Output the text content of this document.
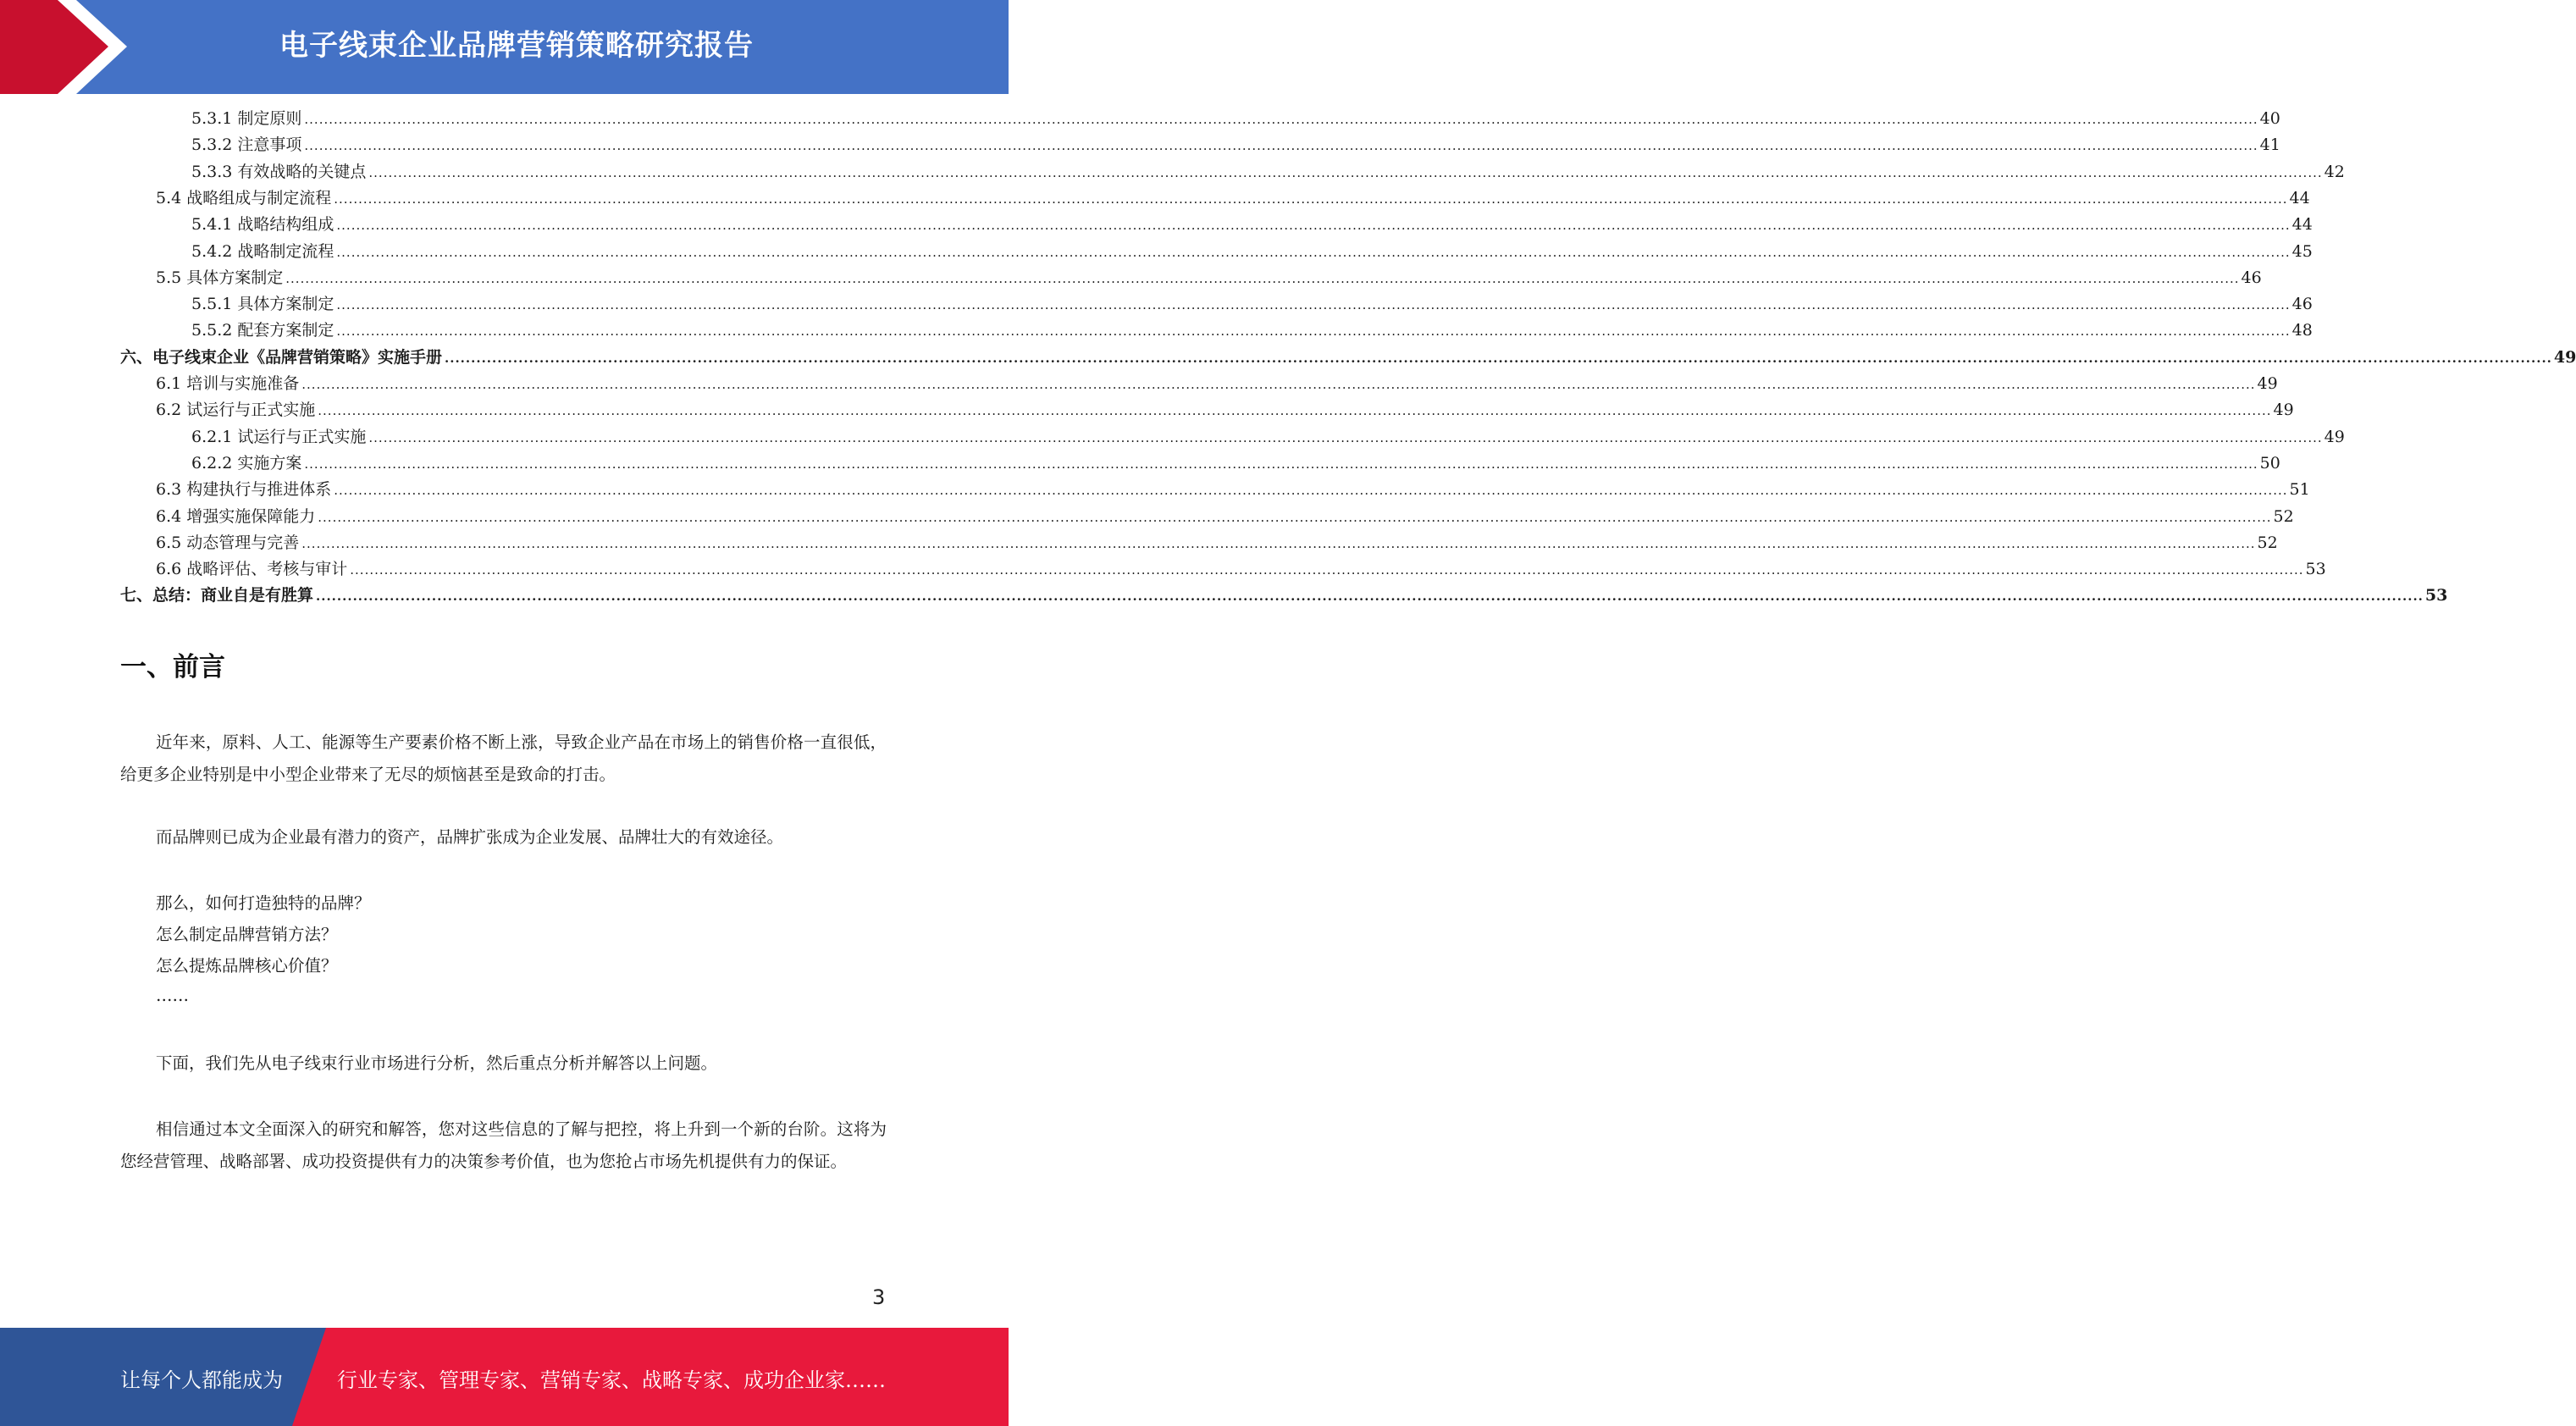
电子线束企业品牌营销策略研究报告
5.3.1 制定原则 ................................................................................................................................................................................................................................................................................................................................................................................................................ 40
5.3.2 注意事项 ................................................................................................................................................................................................................................................................................................................................................................................................................ 41
5.3.3 有效战略的关键点 ................................................................................................................................................................................................................................................................................................................................................................................................................ 42
5.4 战略组成与制定流程 ................................................................................................................................................................................................................................................................................................................................................................................................................ 44
5.4.1 战略结构组成 ................................................................................................................................................................................................................................................................................................................................................................................................................ 44
5.4.2 战略制定流程 ................................................................................................................................................................................................................................................................................................................................................................................................................ 45
5.5 具体方案制定 ................................................................................................................................................................................................................................................................................................................................................................................................................ 46
5.5.1 具体方案制定 ................................................................................................................................................................................................................................................................................................................................................................................................................ 46
5.5.2 配套方案制定 ................................................................................................................................................................................................................................................................................................................................................................................................................ 48
六、电子线束企业《品牌营销策略》实施手册 ................................................................................................................................................................................................................................................................................................................................................................................................................ 49
6.1 培训与实施准备 ................................................................................................................................................................................................................................................................................................................................................................................................................ 49
6.2 试运行与正式实施 ................................................................................................................................................................................................................................................................................................................................................................................................................ 49
6.2.1 试运行与正式实施 ................................................................................................................................................................................................................................................................................................................................................................................................................ 49
6.2.2 实施方案 ................................................................................................................................................................................................................................................................................................................................................................................................................ 50
6.3 构建执行与推进体系 ................................................................................................................................................................................................................................................................................................................................................................................................................ 51
6.4 增强实施保障能力 ................................................................................................................................................................................................................................................................................................................................................................................................................ 52
6.5 动态管理与完善 ................................................................................................................................................................................................................................................................................................................................................................................................................ 52
6.6 战略评估、考核与审计 ................................................................................................................................................................................................................................................................................................................................................................................................................ 53
七、总结：商业自是有胜算 ................................................................................................................................................................................................................................................................................................................................................................................................................ 53
一、前言
近年来，原料、人工、能源等生产要素价格不断上涨，导致企业产品在市场上的销售价格一直很低，给更多企业特别是中小型企业带来了无尽的烦恼甚至是致命的打击。
而品牌则已成为企业最有潜力的资产，品牌扩张成为企业发展、品牌壮大的有效途径。
那么，如何打造独特的品牌？
怎么制定品牌营销方法？
怎么提炼品牌核心价值？
……
下面，我们先从电子线束行业市场进行分析，然后重点分析并解答以上问题。
相信通过本文全面深入的研究和解答，您对这些信息的了解与把控，将上升到一个新的台阶。这将为您经营管理、战略部署、成功投资提供有力的决策参考价值，也为您抢占市场先机提供有力的保证。
3
让每个人都能成为	行业专家、管理专家、营销专家、战略专家、成功企业家……
